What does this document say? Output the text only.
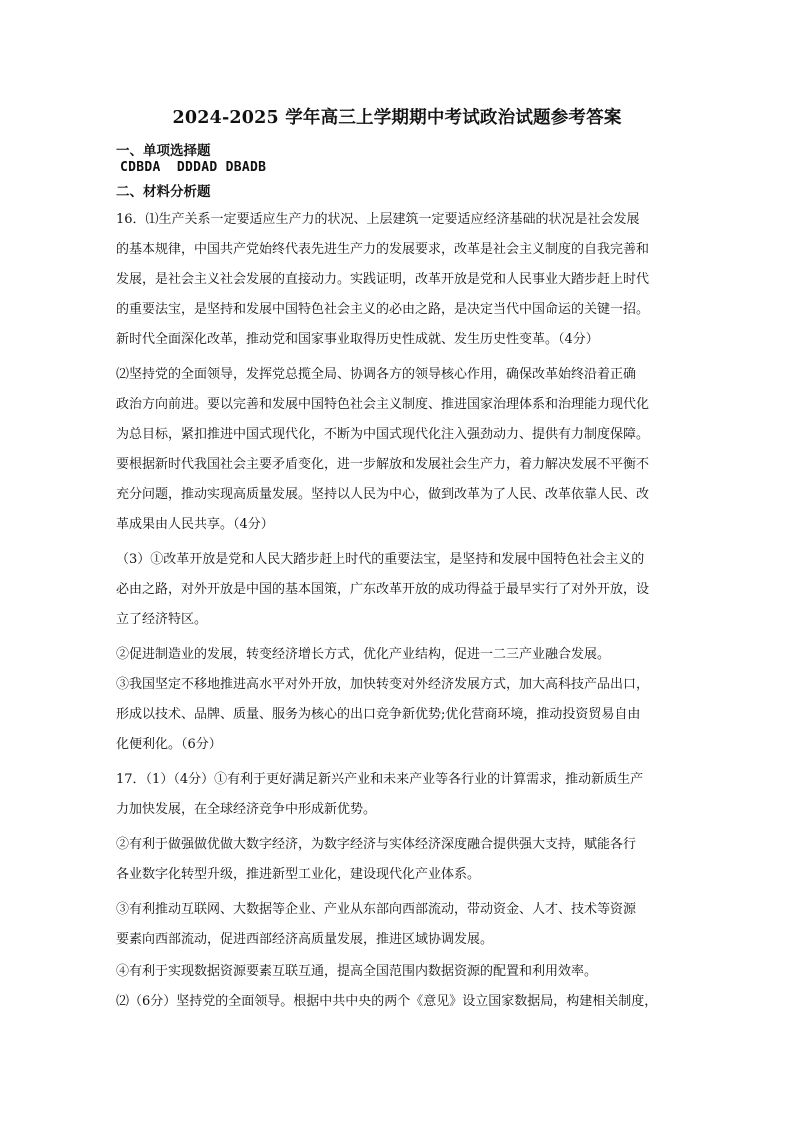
2024-2025 学年高三上学期期中考试政治试题参考答案
一、单项选择题
CDBDA  DDDAD DBADB
二、材料分析题
16．⑴生产关系一定要适应生产力的状况、上层建筑一定要适应经济基础的状况是社会发展
的基本规律，中国共产党始终代表先进生产力的发展要求，改革是社会主义制度的自我完善和
发展，是社会主义社会发展的直接动力。实践证明，改革开放是党和人民事业大踏步赶上时代
的重要法宝，是坚持和发展中国特色社会主义的必由之路，是决定当代中国命运的关键一招。
新时代全面深化改革，推动党和国家事业取得历史性成就、发生历史性变革。（4分）
⑵坚持党的全面领导，发挥党总揽全局、协调各方的领导核心作用，确保改革始终沿着正确
政治方向前进。要以完善和发展中国特色社会主义制度、推进国家治理体系和治理能力现代化
为总目标，紧扣推进中国式现代化，不断为中国式现代化注入强劲动力、提供有力制度保障。
要根据新时代我国社会主要矛盾变化，进一步解放和发展社会生产力，着力解决发展不平衡不
充分问题，推动实现高质量发展。坚持以人民为中心，做到改革为了人民、改革依靠人民、改
革成果由人民共享。（4分）
（3）①改革开放是党和人民大踏步赶上时代的重要法宝，是坚持和发展中国特色社会主义的
必由之路，对外开放是中国的基本国策，广东改革开放的成功得益于最早实行了对外开放，设
立了经济特区。
②促进制造业的发展，转变经济增长方式，优化产业结构，促进一二三产业融合发展。
③我国坚定不移地推进高水平对外开放，加快转变对外经济发展方式，加大高科技产品出口，
形成以技术、品牌、质量、服务为核心的出口竞争新优势;优化营商环境，推动投资贸易自由
化便利化。（6分）
17．（1）（4分）①有利于更好满足新兴产业和未来产业等各行业的计算需求，推动新质生产
力加快发展，在全球经济竞争中形成新优势。
②有利于做强做优做大数字经济，为数字经济与实体经济深度融合提供强大支持，赋能各行
各业数字化转型升级，推进新型工业化，建设现代化产业体系。
③有利推动互联网、大数据等企业、产业从东部向西部流动，带动资金、人才、技术等资源
要素向西部流动，促进西部经济高质量发展，推进区域协调发展。
④有利于实现数据资源要素互联互通，提高全国范围内数据资源的配置和利用效率。
⑵（6分）坚持党的全面领导。根据中共中央的两个《意见》设立国家数据局，构建相关制度，
